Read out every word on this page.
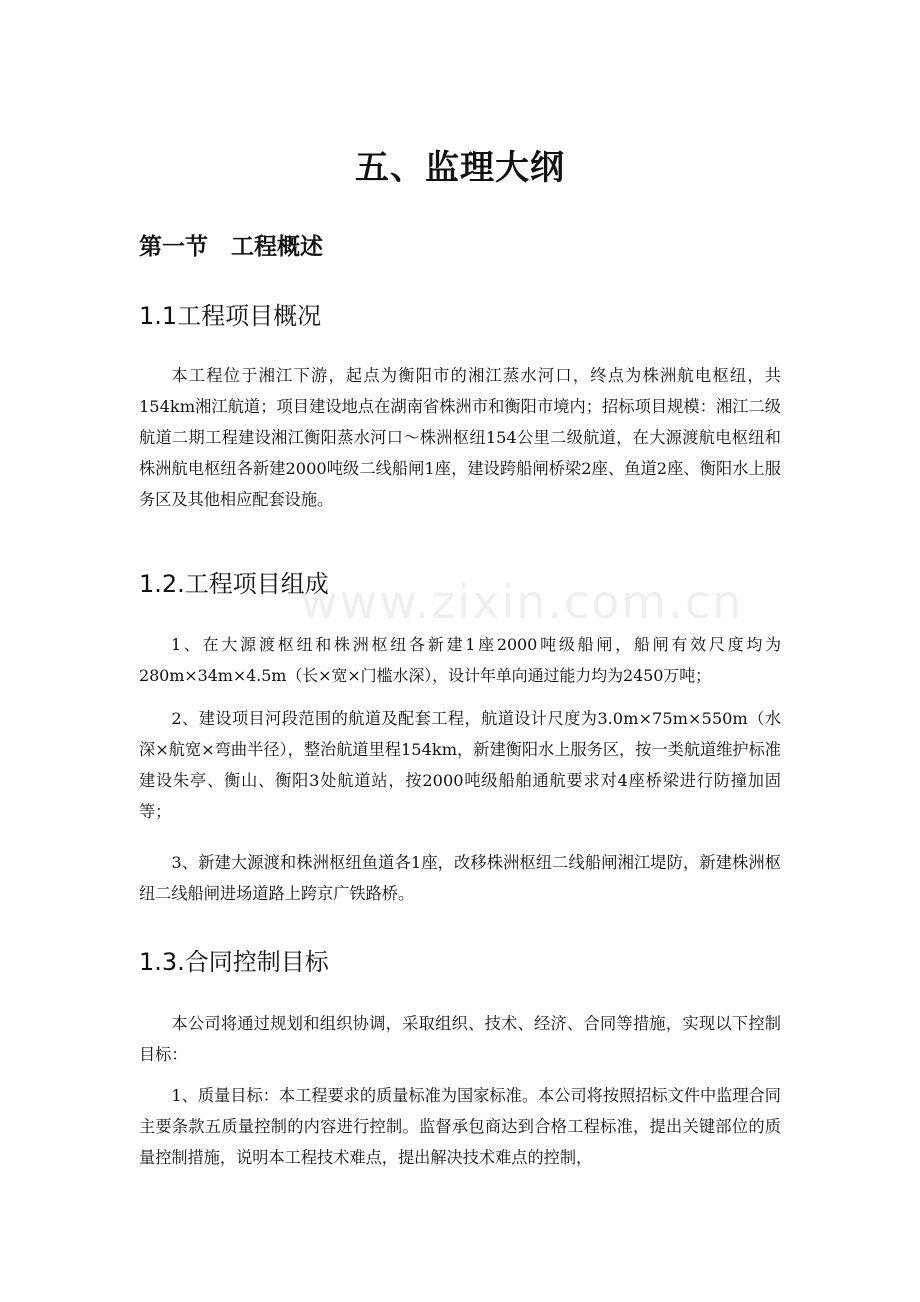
www.zixin.com.cn
五、监理大纲
第一节　工程概述
1.1工程项目概况

本工程位于湘江下游，起点为衡阳市的湘江蒸水河口，终点为株洲航电枢纽，共154km湘江航道；项目建设地点在湖南省株洲市和衡阳市境内；招标项目规模：湘江二级航道二期工程建设湘江衡阳蒸水河口～株洲枢纽154公里二级航道，在大源渡航电枢纽和株洲航电枢纽各新建2000吨级二线船闸1座，建设跨船闸桥梁2座、鱼道2座、衡阳水上服务区及其他相应配套设施。

1.2.工程项目组成

1、在大源渡枢纽和株洲枢纽各新建1座2000吨级船闸，船闸有效尺度均为280m×34m×4.5m（长×宽×门槛水深），设计年单向通过能力均为2450万吨；

2、建设项目河段范围的航道及配套工程，航道设计尺度为3.0m×75m×550m（水深×航宽×弯曲半径），整治航道里程154km，新建衡阳水上服务区，按一类航道维护标准建设朱亭、衡山、衡阳3处航道站，按2000吨级船舶通航要求对4座桥梁进行防撞加固等；

3、新建大源渡和株洲枢纽鱼道各1座，改移株洲枢纽二线船闸湘江堤防，新建株洲枢纽二线船闸进场道路上跨京广铁路桥。

1.3.合同控制目标

本公司将通过规划和组织协调，采取组织、技术、经济、合同等措施，实现以下控制目标：

1、质量目标：本工程要求的质量标准为国家标准。本公司将按照招标文件中监理合同主要条款五质量控制的内容进行控制。监督承包商达到合格工程标准，提出关键部位的质量控制措施，说明本工程技术难点，提出解决技术难点的控制，
